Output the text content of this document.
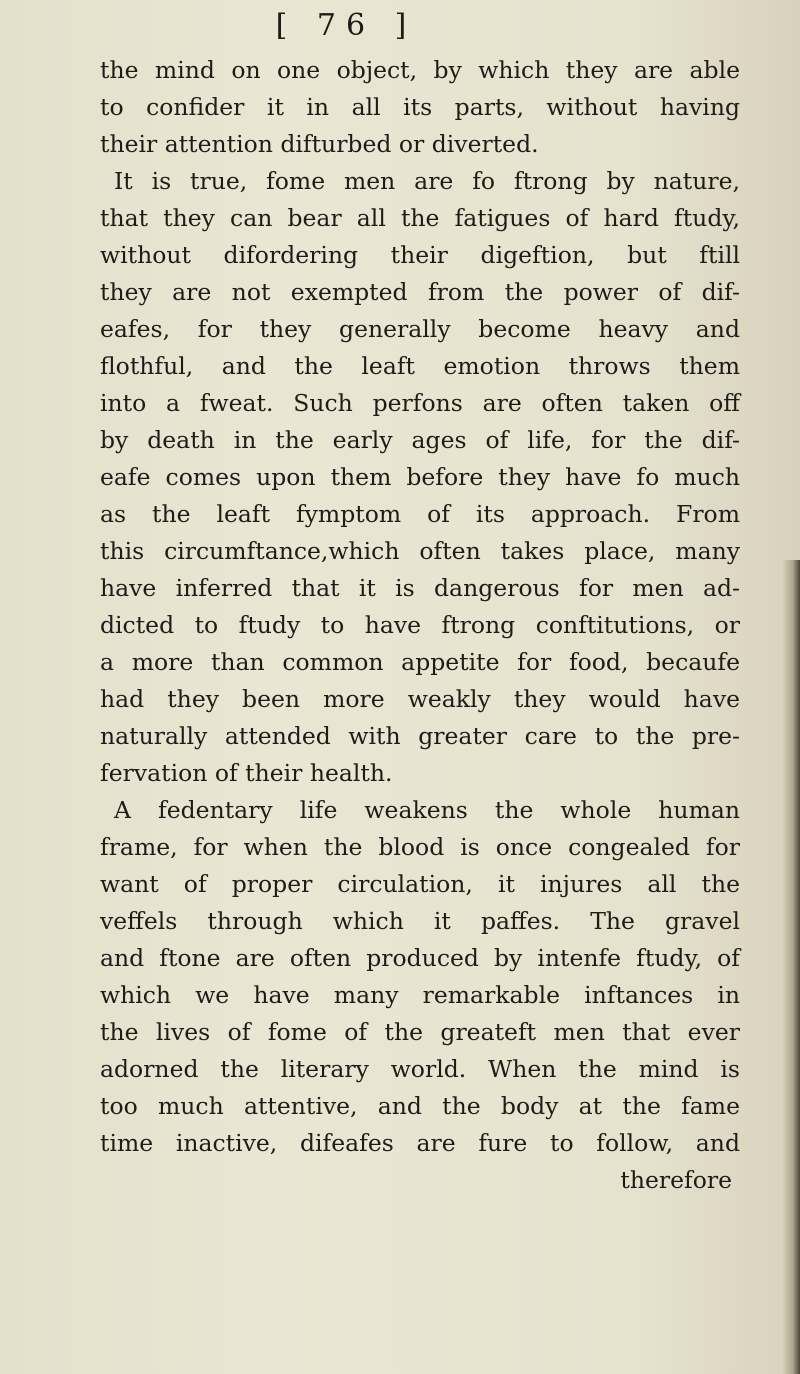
[ 76 ]
the mind on one object, by which they are able
to confider it in all its parts, without having
their attention difturbed or diverted.
It is true, fome men are fo ftrong by nature,
that they can bear all the fatigues of hard ftudy,
without difordering their digeftion, but ftill
they are not exempted from the power of dif-
eafes, for they generally become heavy and
flothful, and the leaft emotion throws them
into a fweat. Such perfons are often taken off
by death in the early ages of life, for the dif-
eafe comes upon them before they have fo much
as the leaft fymptom of its approach. From
this circumftance,which often takes place, many
have inferred that it is dangerous for men ad-
dicted to ftudy to have ftrong conftitutions, or
a more than common appetite for food, becaufe
had they been more weakly they would have
naturally attended with greater care to the pre-
fervation of their health.
A fedentary life weakens the whole human
frame, for when the blood is once congealed for
want of proper circulation, it injures all the
veffels through which it paffes. The gravel
and ftone are often produced by intenfe ftudy, of
which we have many remarkable inftances in
the lives of fome of the greateft men that ever
adorned the literary world. When the mind is
too much attentive, and the body at the fame
time inactive, difeafes are fure to follow, and
therefore
